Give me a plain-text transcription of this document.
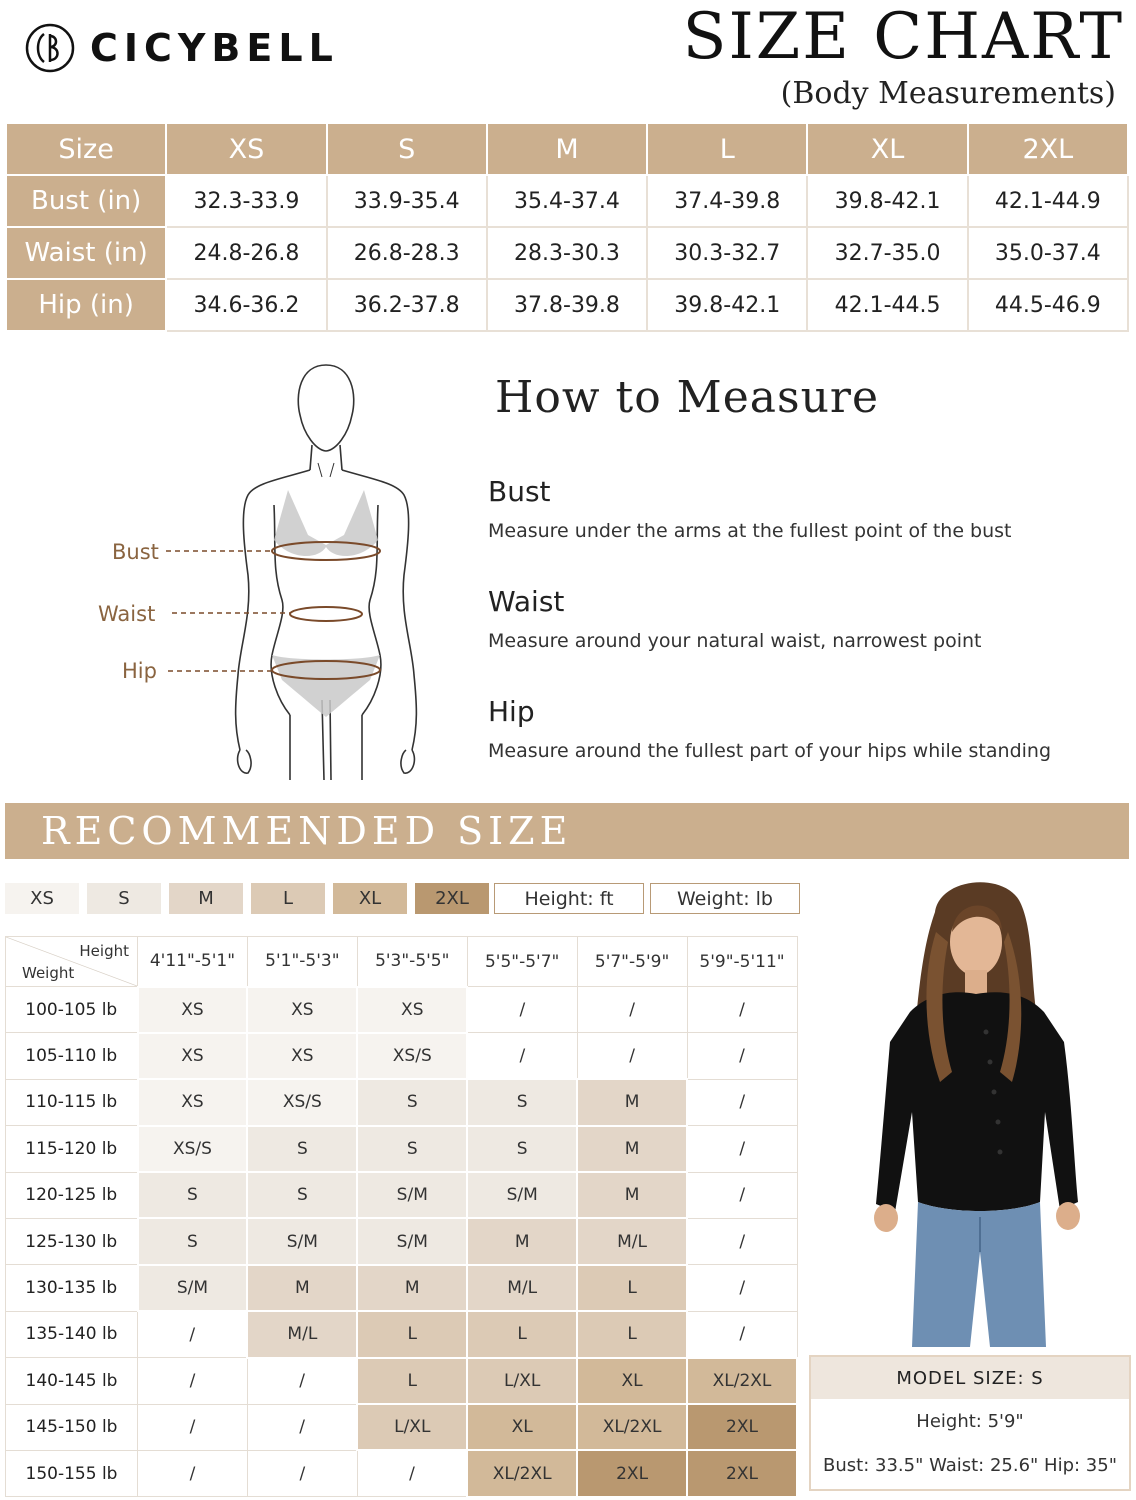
CICYBELL	SIZE CHART
(Body Measurements)
Size	XS	S	M	L	XL	2XL
Bust (in)	32.3-33.9	33.9-35.4	35.4-37.4	37.4-39.8	39.8-42.1	42.1-44.9
Waist (in)	24.8-26.8	26.8-28.3	28.3-30.3	30.3-32.7	32.7-35.0	35.0-37.4
Hip (in)	34.6-36.2	36.2-37.8	37.8-39.8	39.8-42.1	42.1-44.5	44.5-46.9
Bust
Waist
Hip
How to Measure
Bust
Measure under the arms at the fullest point of the bust
Waist
Measure around your natural waist, narrowest point
Hip
Measure around the fullest part of your hips while standing
RECOMMENDED SIZE
XS	S	M	L	XL	2XL	Height: ft	Weight: lb
Height
Weight	4'11"-5'1"	5'1"-5'3"	5'3"-5'5"	5'5"-5'7"	5'7"-5'9"	5'9"-5'11"
100-105 lb	XS	XS	XS	/	/	/
105-110 lb	XS	XS	XS/S	/	/	/
110-115 lb	XS	XS/S	S	S	M	/
115-120 lb	XS/S	S	S	S	M	/
120-125 lb	S	S	S/M	S/M	M	/
125-130 lb	S	S/M	S/M	M	M/L	/
130-135 lb	S/M	M	M	M/L	L	/
135-140 lb	/	M/L	L	L	L	/
140-145 lb	/	/	L	L/XL	XL	XL/2XL
145-150 lb	/	/	L/XL	XL	XL/2XL	2XL
150-155 lb	/	/	/	XL/2XL	2XL	2XL
MODEL SIZE: S
Height: 5'9"
Bust: 33.5" Waist: 25.6" Hip: 35"
